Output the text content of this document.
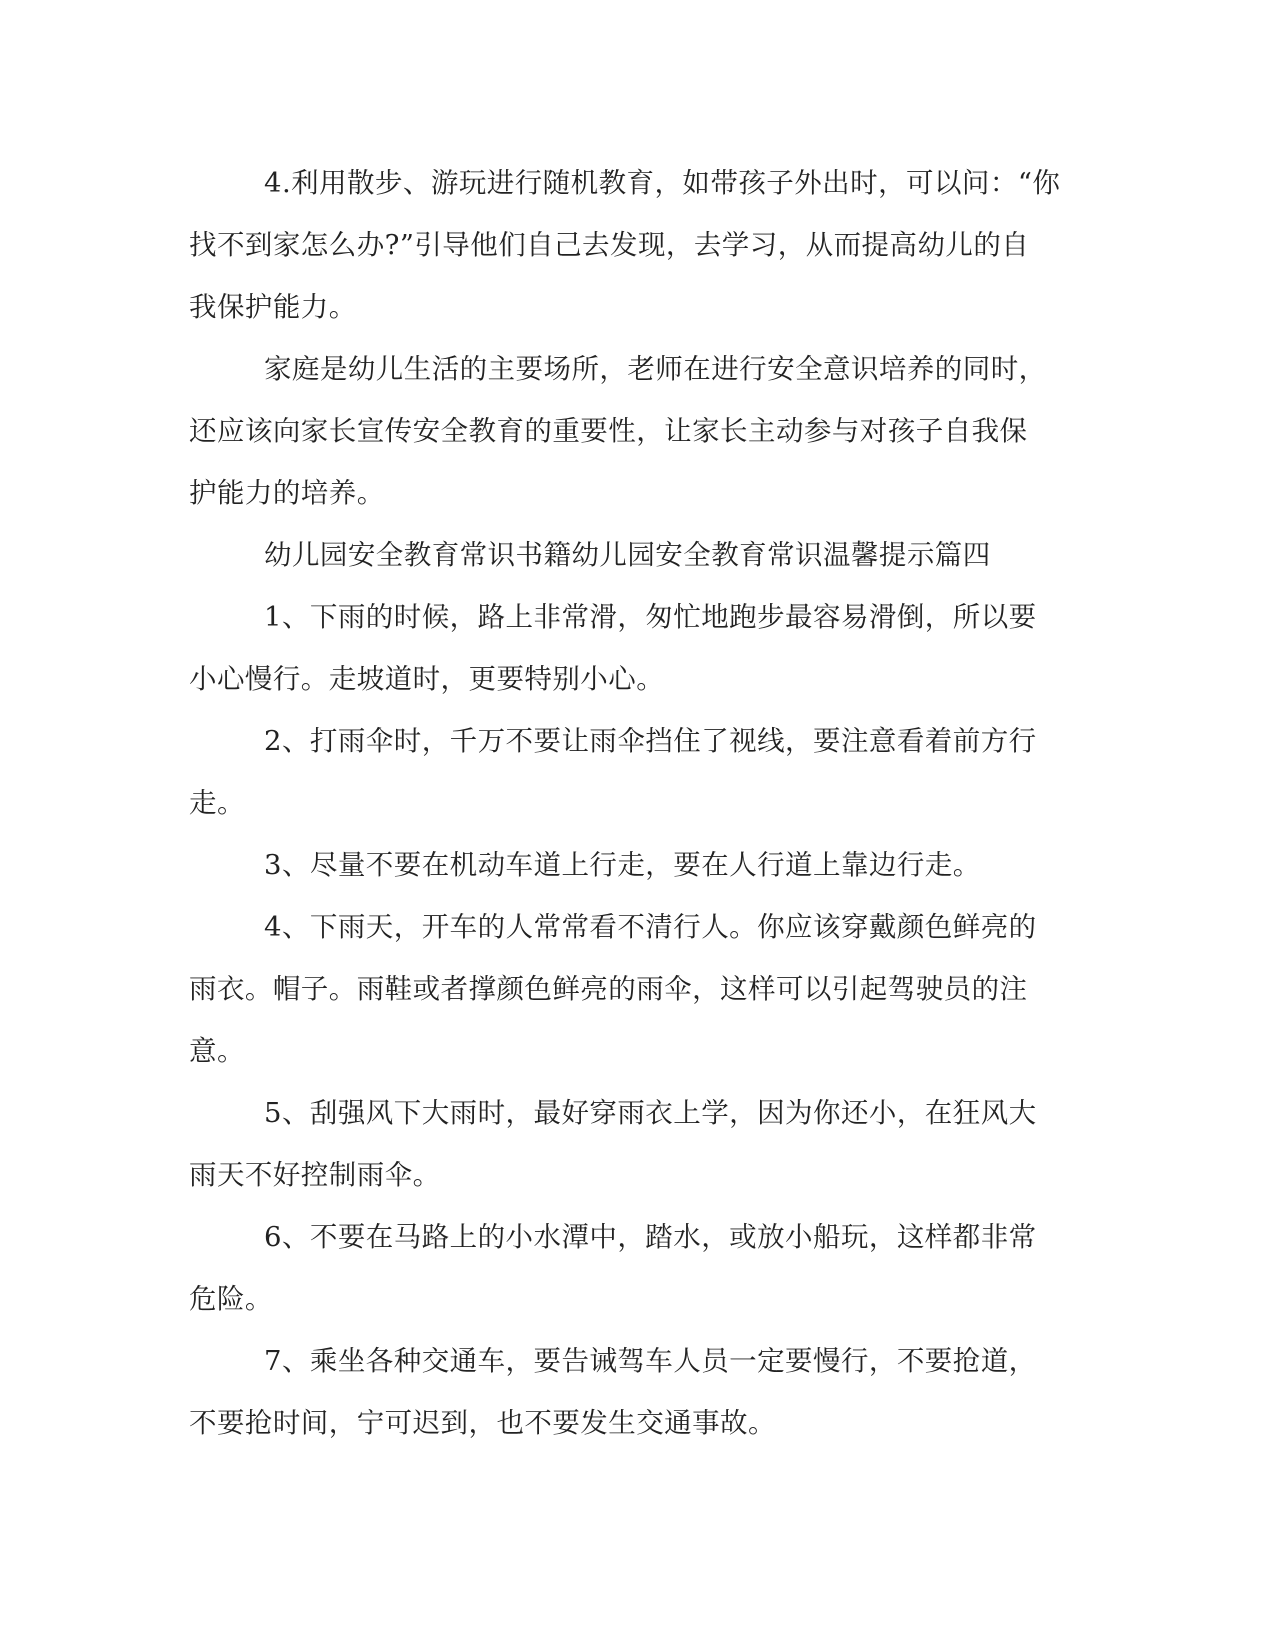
4.利用散步、游玩进行随机教育，如带孩子外出时，可以问：“你
找不到家怎么办?”引导他们自己去发现，去学习，从而提高幼儿的自
我保护能力。

家庭是幼儿生活的主要场所，老师在进行安全意识培养的同时，
还应该向家长宣传安全教育的重要性，让家长主动参与对孩子自我保
护能力的培养。

幼儿园安全教育常识书籍幼儿园安全教育常识温馨提示篇四

1、下雨的时候，路上非常滑，匆忙地跑步最容易滑倒，所以要
小心慢行。走坡道时，更要特别小心。

2、打雨伞时，千万不要让雨伞挡住了视线，要注意看着前方行
走。

3、尽量不要在机动车道上行走，要在人行道上靠边行走。

4、下雨天，开车的人常常看不清行人。你应该穿戴颜色鲜亮的
雨衣。帽子。雨鞋或者撑颜色鲜亮的雨伞，这样可以引起驾驶员的注
意。

5、刮强风下大雨时，最好穿雨衣上学，因为你还小，在狂风大
雨天不好控制雨伞。

6、不要在马路上的小水潭中，踏水，或放小船玩，这样都非常
危险。

7、乘坐各种交通车，要告诫驾车人员一定要慢行，不要抢道，
不要抢时间，宁可迟到，也不要发生交通事故。
